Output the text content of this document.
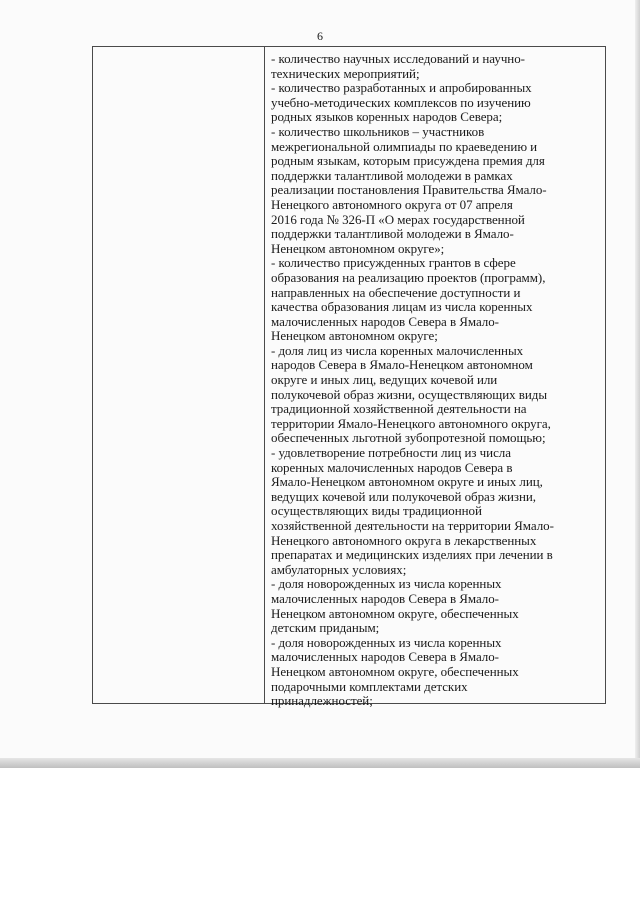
6
- количество научных исследований и научно-
технических мероприятий;
- количество разработанных и апробированных
учебно-методических комплексов по изучению
родных языков коренных народов Севера;
- количество школьников – участников
межрегиональной олимпиады по краеведению и
родным языкам, которым присуждена премия для
поддержки талантливой молодежи в рамках
реализации постановления Правительства Ямало-
Ненецкого автономного округа от 07 апреля
2016 года № 326-П «О мерах государственной
поддержки талантливой молодежи в Ямало-
Ненецком автономном округе»;
- количество присужденных грантов в сфере
образования на реализацию проектов (программ),
направленных на обеспечение доступности и
качества образования лицам из числа коренных
малочисленных народов Севера в Ямало-
Ненецком автономном округе;
- доля лиц из числа коренных малочисленных
народов Севера в Ямало-Ненецком автономном
округе и иных лиц, ведущих кочевой или
полукочевой образ жизни, осуществляющих виды
традиционной хозяйственной деятельности на
территории Ямало-Ненецкого автономного округа,
обеспеченных льготной зубопротезной помощью;
- удовлетворение потребности лиц из числа
коренных малочисленных народов Севера в
Ямало-Ненецком автономном округе и иных лиц,
ведущих кочевой или полукочевой образ жизни,
осуществляющих виды традиционной
хозяйственной деятельности на территории Ямало-
Ненецкого автономного округа в лекарственных
препаратах и медицинских изделиях при лечении в
амбулаторных условиях;
- доля новорожденных из числа коренных
малочисленных народов Севера в Ямало-
Ненецком автономном округе, обеспеченных
детским приданым;
- доля новорожденных из числа коренных
малочисленных народов Севера в Ямало-
Ненецком автономном округе, обеспеченных
подарочными комплектами детских
принадлежностей;
